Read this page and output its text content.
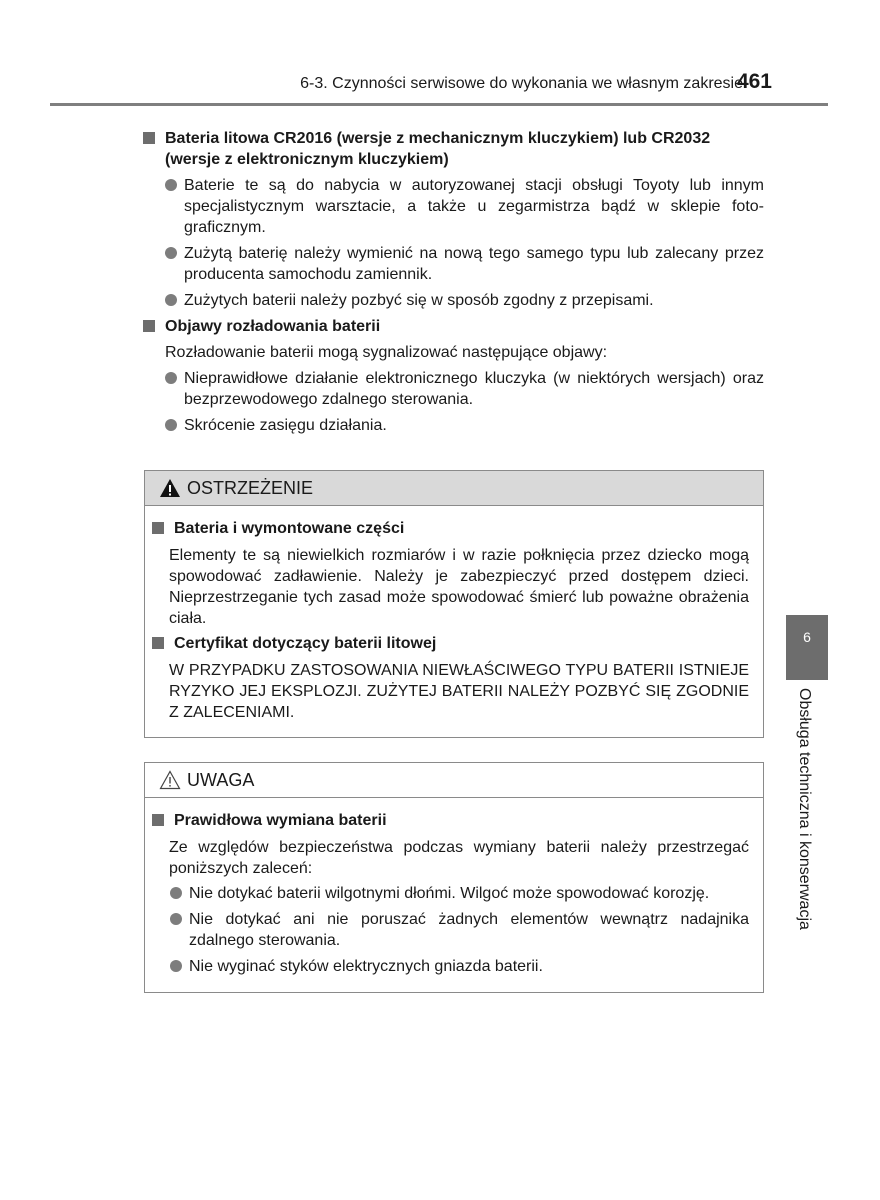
6-3. Czynności serwisowe do wykonania we własnym zakresie
461
Bateria litowa CR2016 (wersje z mechanicznym kluczykiem) lub CR2032
(wersje z elektronicznym kluczykiem)
Baterie te są do nabycia w autoryzowanej stacji obsługi Toyoty lub innym specjalistycznym warsztacie, a także u zegarmistrza bądź w sklepie fotograficznym.
Zużytą baterię należy wymienić na nową tego samego typu lub zalecany przez producenta samochodu zamiennik.
Zużytych baterii należy pozbyć się w sposób zgodny z przepisami.
Objawy rozładowania baterii

Rozładowanie baterii mogą sygnalizować następujące objawy:

Nieprawidłowe działanie elektronicznego kluczyka (w niektórych wersjach) oraz bezprzewodowego zdalnego sterowania.
Skrócenie zasięgu działania.
OSTRZEŻENIE
Bateria i wymontowane części

Elementy te są niewielkich rozmiarów i w razie połknięcia przez dziecko mogą spowodować zadławienie. Należy je zabezpieczyć przed dostępem dzieci. Nieprzestrzeganie tych zasad może spowodować śmierć lub poważne obrażenia ciała.

Certyfikat dotyczący baterii litowej

W PRZYPADKU ZASTOSOWANIA NIEWŁAŚCIWEGO TYPU BATERII ISTNIEJE RYZYKO JEJ EKSPLOZJI. ZUŻYTEJ BATERII NALEŻY POZBYĆ SIĘ ZGODNIE Z ZALECENIAMI.

UWAGA
Prawidłowa wymiana baterii

Ze względów bezpieczeństwa podczas wymiany baterii należy przestrzegać poniższych zaleceń:

Nie dotykać baterii wilgotnymi dłońmi. Wilgoć może spowodować korozję.
Nie dotykać ani nie poruszać żadnych elementów wewnątrz nadajnika zdalnego sterowania.
Nie wyginać styków elektrycznych gniazda baterii.
6
Obsługa techniczna i konserwacja
